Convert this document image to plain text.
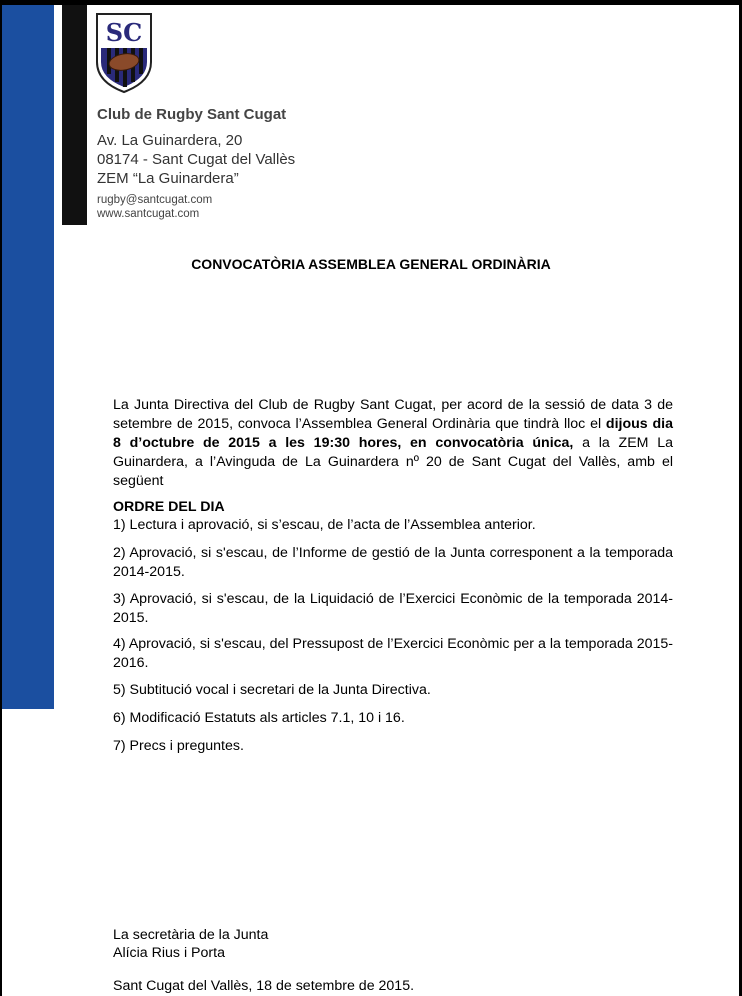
SC
Club de Rugby Sant Cugat
Av. La Guinardera, 20
08174 - Sant Cugat del Vallès
ZEM “La Guinardera”
rugby@santcugat.com
www.santcugat.com
CONVOCATÒRIA ASSEMBLEA GENERAL ORDINÀRIA
La Junta Directiva del Club de Rugby Sant Cugat, per acord de la sessió de data 3 de setembre de 2015, convoca l’Assemblea General Ordinària que tindrà lloc el dijous dia 8 d’octubre de 2015 a les 19:30 hores, en convocatòria única, a la ZEM La Guinardera, a l’Avinguda de La Guinardera nº 20 de Sant Cugat del Vallès, amb el següent
ORDRE DEL DIA
1) Lectura i aprovació, si s’escau, de l’acta de l’Assemblea anterior.
2) Aprovació, si s'escau, de l’Informe de gestió de la Junta corresponent a la temporada 2014-2015.
3) Aprovació, si s'escau, de la Liquidació de l’Exercici Econòmic de la temporada 2014-2015.
4) Aprovació, si s'escau, del Pressupost de l’Exercici Econòmic per a la temporada 2015-2016.
5) Subtitució vocal i secretari de la Junta Directiva.
6) Modificació Estatuts als articles 7.1, 10 i 16.
7) Precs i preguntes.
La secretària de la Junta
Alícia Rius i Porta
Sant Cugat del Vallès, 18 de setembre de 2015.
